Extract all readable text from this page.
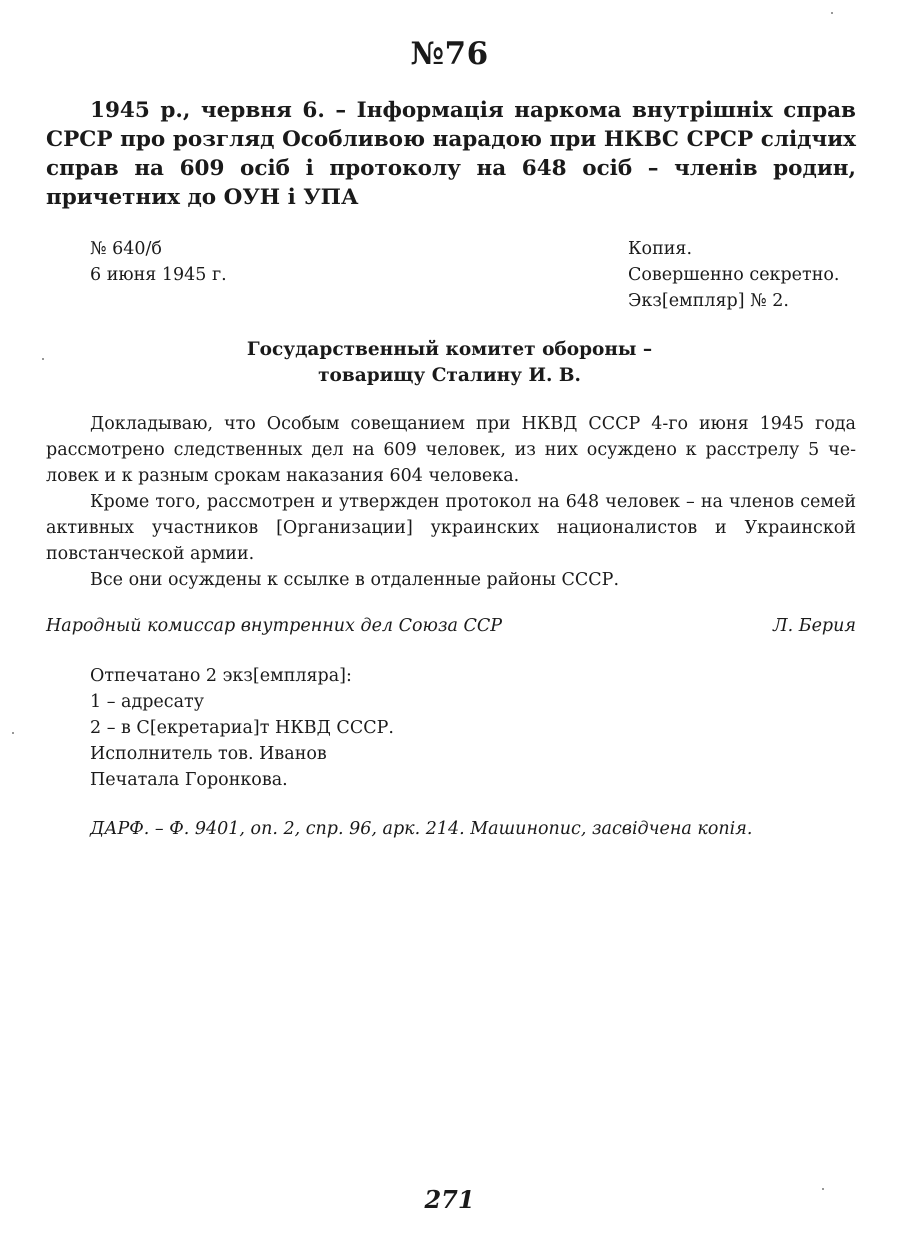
№76
1945 р., червня 6. – Інформація наркома внутрішніх справ СРСР про розгляд Особливою нарадою при НКВС СРСР слідчих справ на 609 осіб і протоколу на 648 осіб – членів родин, причетних до ОУН і УПА
№ 640/б
6 июня 1945 г.
Копия.
Совершенно секретно.
Экз[емпляр] № 2.
Государственный комитет обороны –
товарищу Сталину И. В.

Докладываю, что Особым совещанием при НКВД СССР 4-го июня 1945 года рассмотрено следственных дел на 609 человек, из них осуждено к расстрелу 5 человек и к разным срокам наказания 604 человека.

Кроме того, рассмотрен и утвержден протокол на 648 человек – на членов семей активных участников [Организации] украинских националистов и Украинской повстанческой армии.

Все они осуждены к ссылке в отдаленные районы СССР.

Народный комиссар внутренних дел Союза ССР	Л. Берия
Отпечатано 2 экз[емпляра]:
1 – адресату
2 – в С[екретариа]т НКВД СССР.
Исполнитель тов. Иванов
Печатала Горонкова.
ДАРФ. – Ф. 9401, оп. 2, спр. 96, арк. 214. Машинопис, засвідчена копія.
271
